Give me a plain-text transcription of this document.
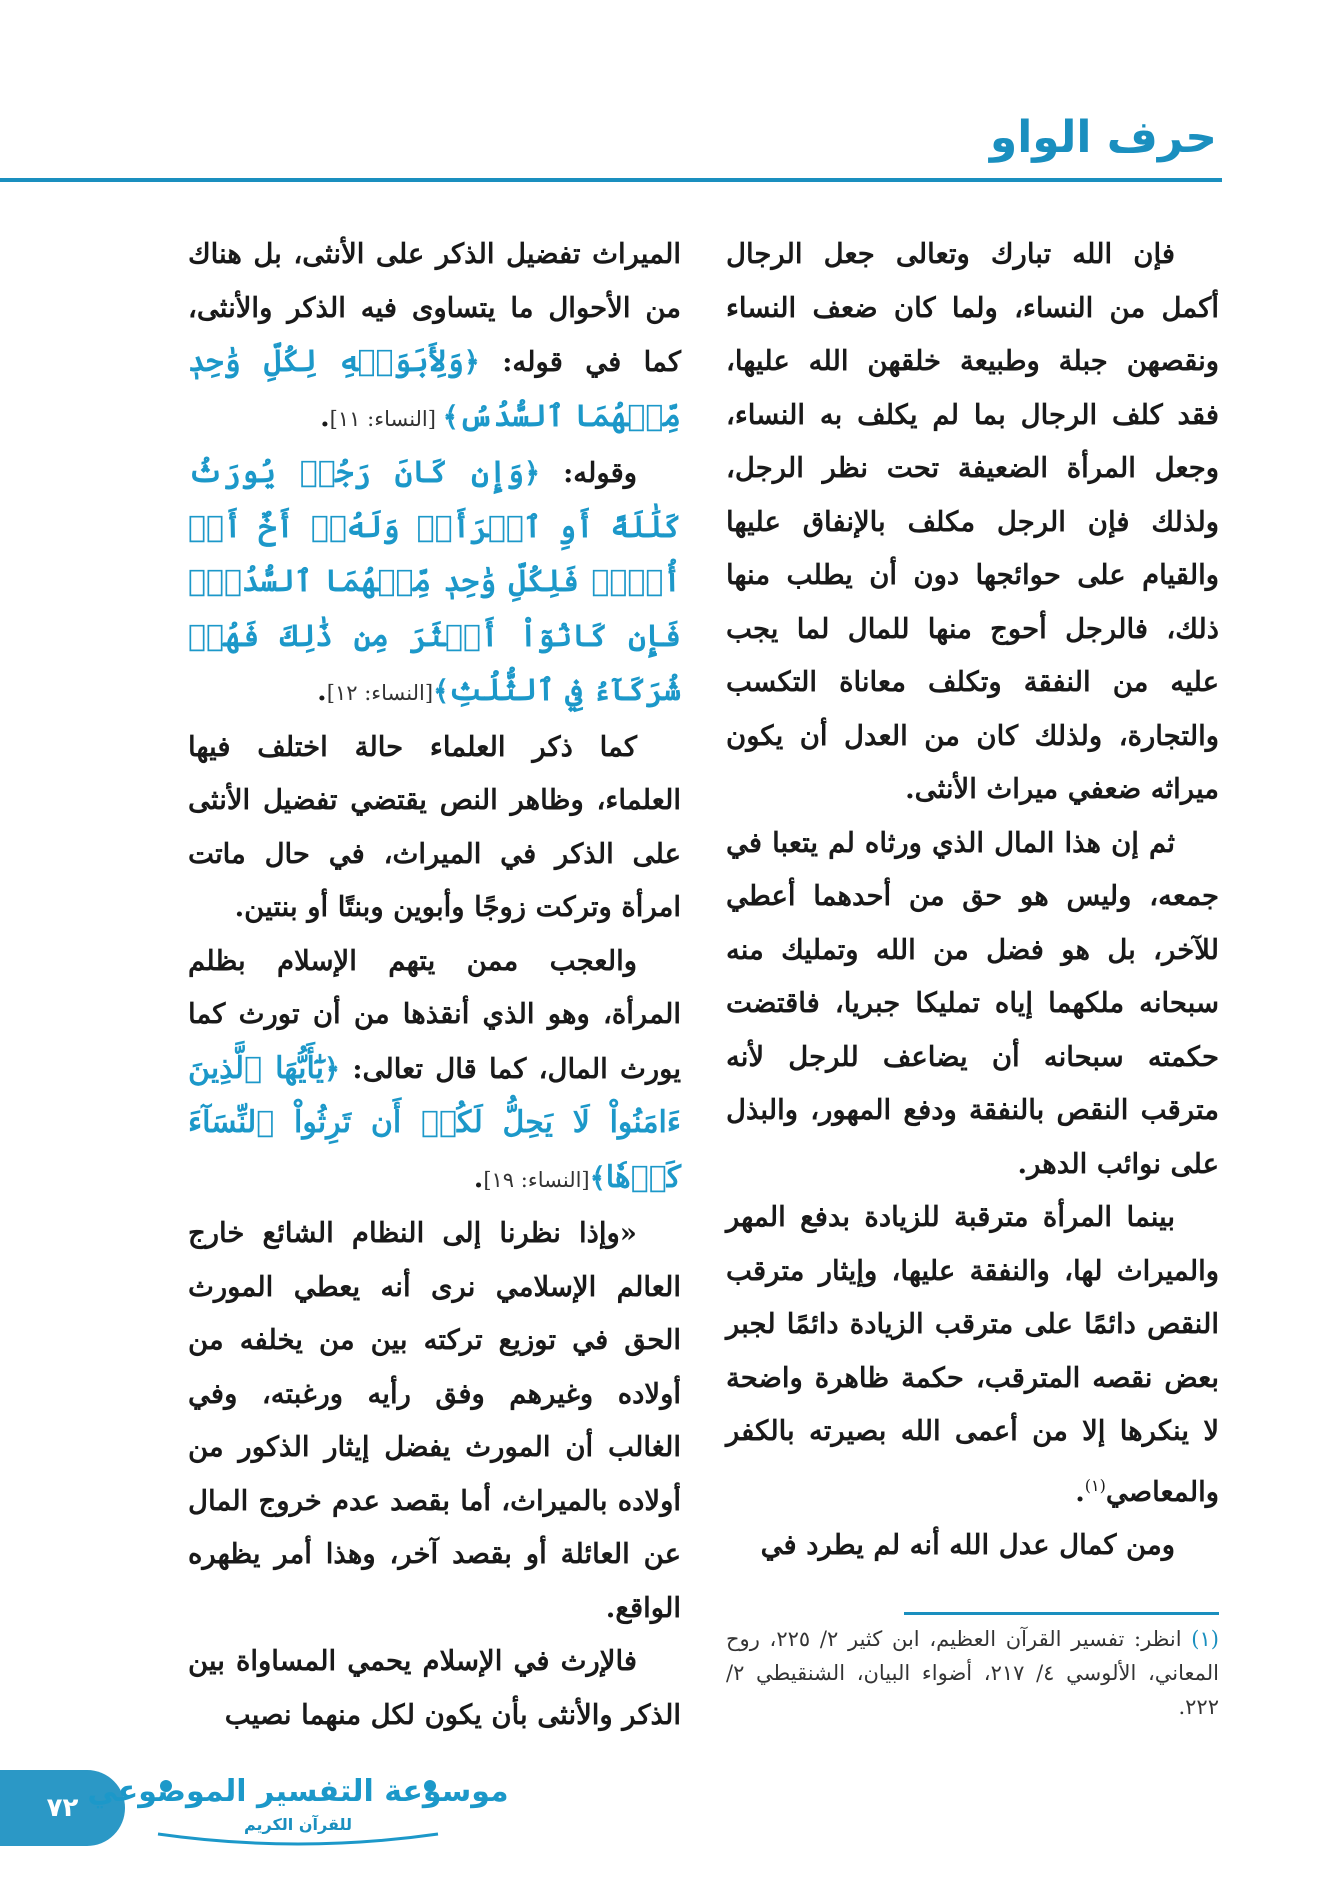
حرف الواو

فإن الله تبارك وتعالى جعل الرجال أكمل من النساء، ولما كان ضعف النساء ونقصهن جبلة وطبيعة خلقهن الله عليها، فقد كلف الرجال بما لم يكلف به النساء، وجعل المرأة الضعيفة تحت نظر الرجل، ولذلك فإن الرجل مكلف بالإنفاق عليها والقيام على حوائجها دون أن يطلب منها ذلك، فالرجل أحوج منها للمال لما يجب عليه من النفقة وتكلف معاناة التكسب والتجارة، ولذلك كان من العدل أن يكون ميراثه ضعفي ميراث الأنثى.

ثم إن هذا المال الذي ورثاه لم يتعبا في جمعه، وليس هو حق من أحدهما أعطي للآخر، بل هو فضل من الله وتمليك منه سبحانه ملكهما إياه تمليكا جبريا، فاقتضت حكمته سبحانه أن يضاعف للرجل لأنه مترقب النقص بالنفقة ودفع المهور، والبذل على نوائب الدهر.

بينما المرأة مترقبة للزيادة بدفع المهر والميراث لها، والنفقة عليها، وإيثار مترقب النقص دائمًا على مترقب الزيادة دائمًا لجبر بعض نقصه المترقب، حكمة ظاهرة واضحة لا ينكرها إلا من أعمى الله بصيرته بالكفر والمعاصي$^{(١)}$.

ومن كمال عدل الله أنه لم يطرد في

الميراث تفضيل الذكر على الأنثى، بل هناك من الأحوال ما يتساوى فيه الذكر والأنثى، كما في قوله: ﴿وَلِأَبَوَيۡهِ لِكُلِّ وَٰحِدٖ مِّنۡهُمَا ٱلسُّدُسُ﴾ [النساء: ١١].

وقوله: ﴿وَإِن كَانَ رَجُلٞ يُورَثُ كَلَٰلَةً أَوِ ٱمۡرَأَةٞ وَلَهُۥٓ أَخٌ أَوۡ أُخۡتٞ فَلِكُلِّ وَٰحِدٖ مِّنۡهُمَا ٱلسُّدُسُۚ فَإِن كَانُوٓاْ أَكۡثَرَ مِن ذَٰلِكَ فَهُمۡ شُرَكَآءُ فِي ٱلثُّلُثِ﴾[النساء: ١٢].

كما ذكر العلماء حالة اختلف فيها العلماء، وظاهر النص يقتضي تفضيل الأنثى على الذكر في الميراث، في حال ماتت امرأة وتركت زوجًا وأبوين وبنتًا أو بنتين.

والعجب ممن يتهم الإسلام بظلم المرأة، وهو الذي أنقذها من أن تورث كما يورث المال، كما قال تعالى: ﴿يَٰٓأَيُّهَا ٱلَّذِينَ ءَامَنُواْ لَا يَحِلُّ لَكُمۡ أَن تَرِثُواْ ٱلنِّسَآءَ كَرۡهٗا﴾[النساء: ١٩].

«وإذا نظرنا إلى النظام الشائع خارج العالم الإسلامي نرى أنه يعطي المورث الحق في توزيع تركته بين من يخلفه من أولاده وغيرهم وفق رأيه ورغبته، وفي الغالب أن المورث يفضل إيثار الذكور من أولاده بالميراث، أما بقصد عدم خروج المال عن العائلة أو بقصد آخر، وهذا أمر يظهره الواقع.

فالإرث في الإسلام يحمي المساواة بين الذكر والأنثى بأن يكون لكل منهما نصيب

(١) انظر: تفسير القرآن العظيم، ابن كثير ٢/ ٢٢٥، روح المعاني، الألوسي ٤/ ٢١٧، أضواء البيان، الشنقيطي ٢/ ٢٢٢.
٧٢ موسوعة التفسير الموضوعي
للقرآن الكريم
